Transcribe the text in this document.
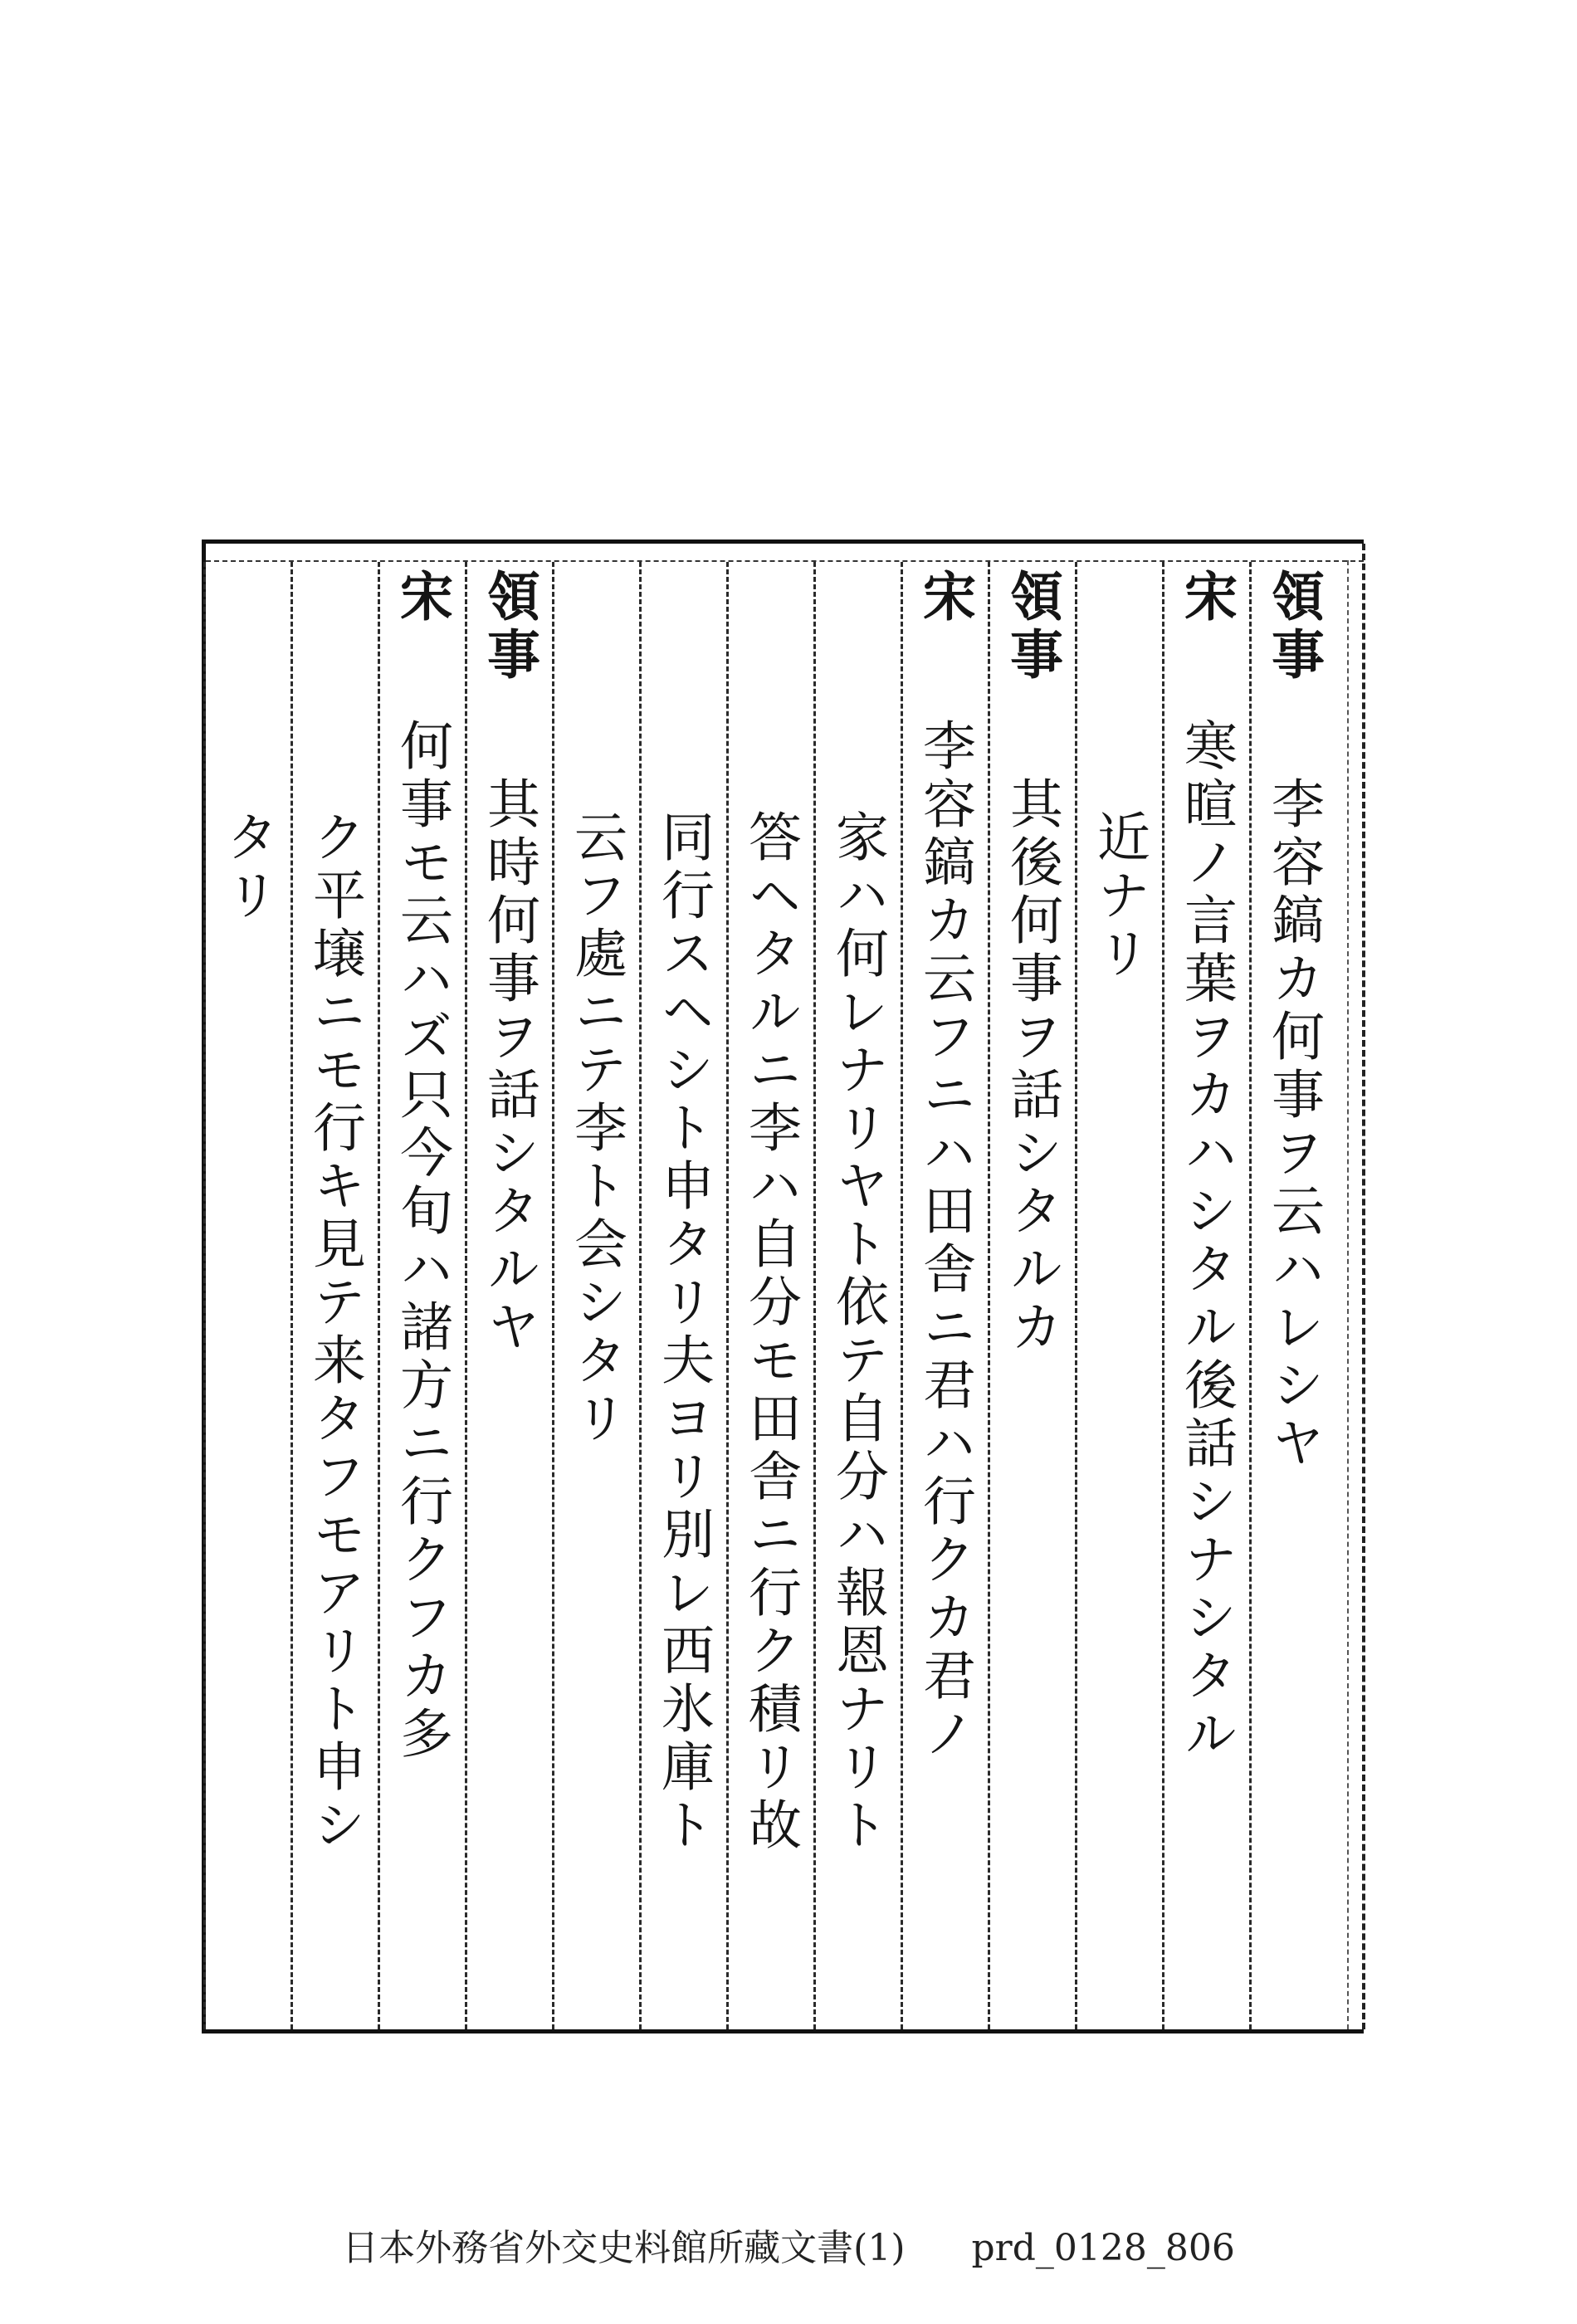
領事李容鎬カ何事ヲ云ハレシヤ
宋寒暄ノ言葉ヲカハシタル後話シナシタル
近ナリ
領事其後何事ヲ話シタルカ
宋李容鎬カ云フニハ田舎ニ君ハ行クカ君ノ
家ハ何レナリヤト依テ自分ハ報恩ナリト
答ヘタルニ李ハ自分モ田舎ニ行ク積リ故
同行スヘシト申タリ夫ヨリ別レ西氷庫ト
云フ處ニテ李ト会シタリ
領事其時何事ヲ話シタルヤ
宋何事モ云ハズ只今旬ハ諸方ニ行クフカ多
ク平壌ニモ行キ見テ来タフモアリト申シ
タリ
日本外務省外交史料館所藏文書(1) prd_0128_806
